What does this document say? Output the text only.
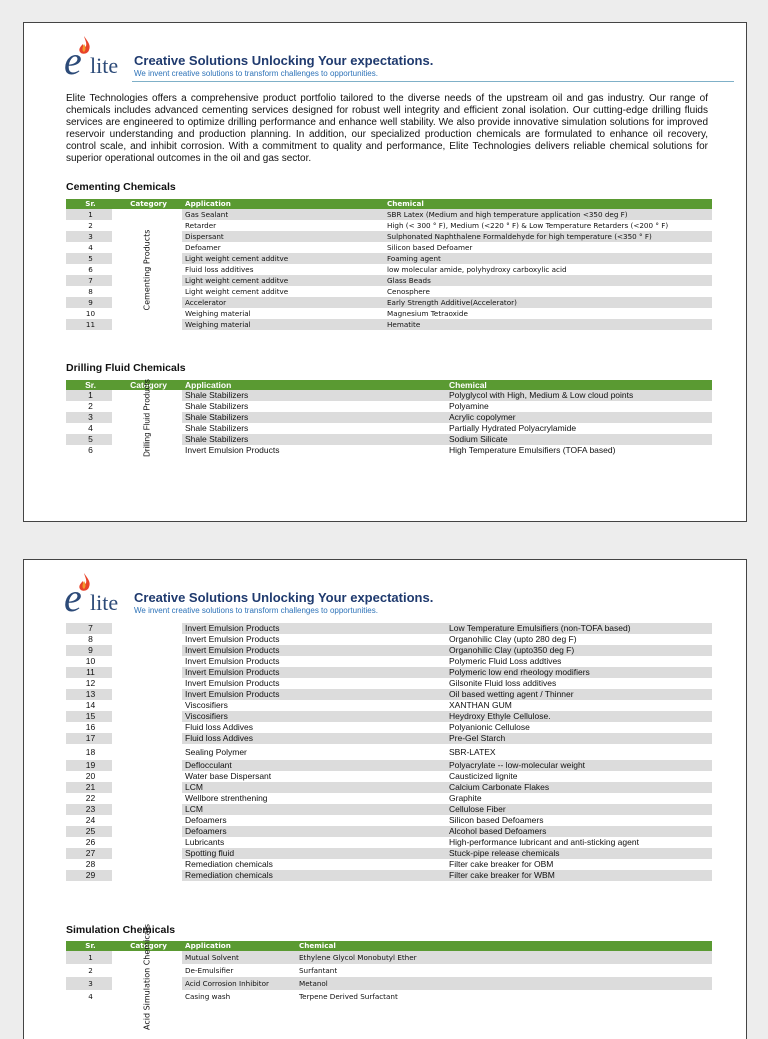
e lite Creative Solutions Unlocking Your expectations.
We invent creative solutions to transform challenges to opportunities.
Elite Technologies offers a comprehensive product portfolio tailored to the diverse needs of the upstream oil and gas industry. Our range of chemicals includes advanced cementing services designed for robust well integrity and efficient zonal isolation. Our cutting-edge drilling fluids services are engineered to optimize drilling performance and enhance well stability. We also provide innovative simulation solutions for improved reservoir understanding and production planning. In addition, our specialized production chemicals are formulated to enhance oil recovery, control scale, and inhibit corrosion. With a commitment to quality and performance, Elite Technologies delivers reliable chemical solutions for superior operational outcomes in the oil and gas sector.
Cementing Chemicals
Sr.	Category	Application	Chemical
1	Cementing Products	Gas Sealant	SBR Latex (Medium and high temperature application <350 deg F)
2		Retarder	High (< 300 ° F), Medium (<220 ° F) & Low Temperature Retarders (<200 ° F)
3		Dispersant	Sulphonated Naphthalene Formaldehyde for high temperature (<350 ° F)
4		Defoamer	Silicon based Defoamer
5		Light weight cement additve	Foaming agent
6		Fluid loss additives	low molecular amide, polyhydroxy carboxylic acid
7		Light weight cement additve	Glass Beads
8		Light weight cement additve	Cenosphere
9		Accelerator	Early Strength Additive(Accelerator)
10		Weighing material	Magnesium Tetraoxide
11		Weighing material	Hematite
Drilling Fluid Chemicals
Sr.	Category	Application	Chemical
1	Drilling Fluid Products	Shale Stabilizers	Polyglycol with High, Medium & Low cloud points
2		Shale Stabilizers	Polyamine
3		Shale Stabilizers	Acrylic copolymer
4		Shale Stabilizers	Partially Hydrated Polyacrylamide
5		Shale Stabilizers	Sodium Silicate
6		Invert Emulsion Products	High Temperature Emulsifiers (TOFA based)
e lite Creative Solutions Unlocking Your expectations.
We invent creative solutions to transform challenges to opportunities.
7		Invert Emulsion Products	Low Temperature Emulsifiers (non-TOFA based)
8		Invert Emulsion Products	Organohilic Clay (upto 280 deg F)
9		Invert Emulsion Products	Organohilic Clay (upto350 deg F)
10		Invert Emulsion Products	Polymeric Fluid Loss addtives
11		Invert Emulsion Products	Polymeric low end rheology modifiers
12		Invert Emulsion Products	Gilsonite Fluid loss additives
13		Invert Emulsion Products	Oil based wetting agent / Thinner
14		Viscosifiers	XANTHAN GUM
15		Viscosifiers	Heydroxy Ethyle Cellulose.
16		Fluid loss Addives	Polyanionic Cellulose
17		Fluid loss Addives	Pre-Gel Starch
18		Sealing Polymer	SBR-LATEX
19		Deflocculant	Polyacrylate -- low-molecular weight
20		Water base Dispersant	Causticized lignite
21		LCM	Calcium Carbonate Flakes
22		Wellbore strenthening	Graphite
23		LCM	Cellulose Fiber
24		Defoamers	Silicon based Defoamers
25		Defoamers	Alcohol based Defoamers
26		Lubricants	High-performance lubricant and anti-sticking agent
27		Spotting fluid	Stuck-pipe release chemicals
28		Remediation chemicals	Filter cake breaker for OBM
29		Remediation chemicals	Filter cake breaker for WBM
Simulation Chemicals
Sr.	Category	Application	Chemical
1	Acid Simulation Chemicals	Mutual Solvent	Ethylene Glycol Monobutyl Ether
2		De-Emulsifier	Surfantant
3		Acid Corrosion Inhibitor	Metanol
4		Casing wash	Terpene Derived Surfactant
